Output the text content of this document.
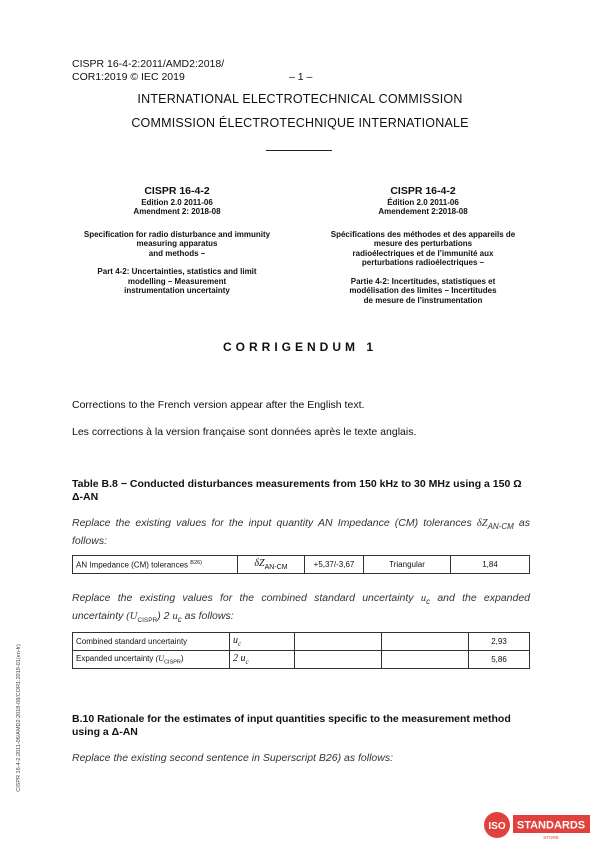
CISPR 16-4-2:2011/AMD2:2018/
COR1:2019 © IEC 2019	– 1 –
INTERNATIONAL ELECTROTECHNICAL COMMISSION
COMMISSION ÉLECTROTECHNIQUE INTERNATIONALE
CISPR 16-4-2
Edition 2.0 2011-06
Amendment 2: 2018-08
Specification for radio disturbance and immunity
measuring apparatus
and methods –
Part 4-2: Uncertainties, statistics and limit
modelling – Measurement
instrumentation uncertainty
CISPR 16-4-2
Édition 2.0 2011-06
Amendement 2:2018-08
Spécifications des méthodes et des appareils de
mesure des perturbations
radioélectriques et de l’immunité aux
perturbations radioélectriques –
Partie 4-2: Incertitudes, statistiques et
modélisation des limites – Incertitudes
de mesure de l’instrumentation
CORRIGENDUM 1
Corrections to the French version appear after the English text.
Les corrections à la version française sont données après le texte anglais.
Table B.8 − Conducted disturbances measurements from 150 kHz to 30 MHz using a 150 Ω Δ-AN
Replace the existing values for the input quantity AN Impedance (CM) tolerances $\delta Z_{AN-CM}$ as follows:
AN Impedance (CM) tolerances $^{B26)}$	$\delta Z_{AN-CM}$	+5,37/-3,67	Triangular	1,84
Replace the existing values for the combined standard uncertainty $u_c$ and the expanded uncertainty $(U_{CISPR})$ 2 $u_c$ as follows:
Combined standard uncertainty	$u_c$			2,93
Expanded uncertainty $(U_{CISPR})$	2 $u_c$			5,86
B.10 Rationale for the estimates of input quantities specific to the measurement method using a Δ-AN
Replace the existing second sentence in Superscript B26) as follows:
CISPR 16-4-2:2011-06/AMD2:2018-08/COR1:2019-01(en-fr)
ISO STANDARDS
STORE
